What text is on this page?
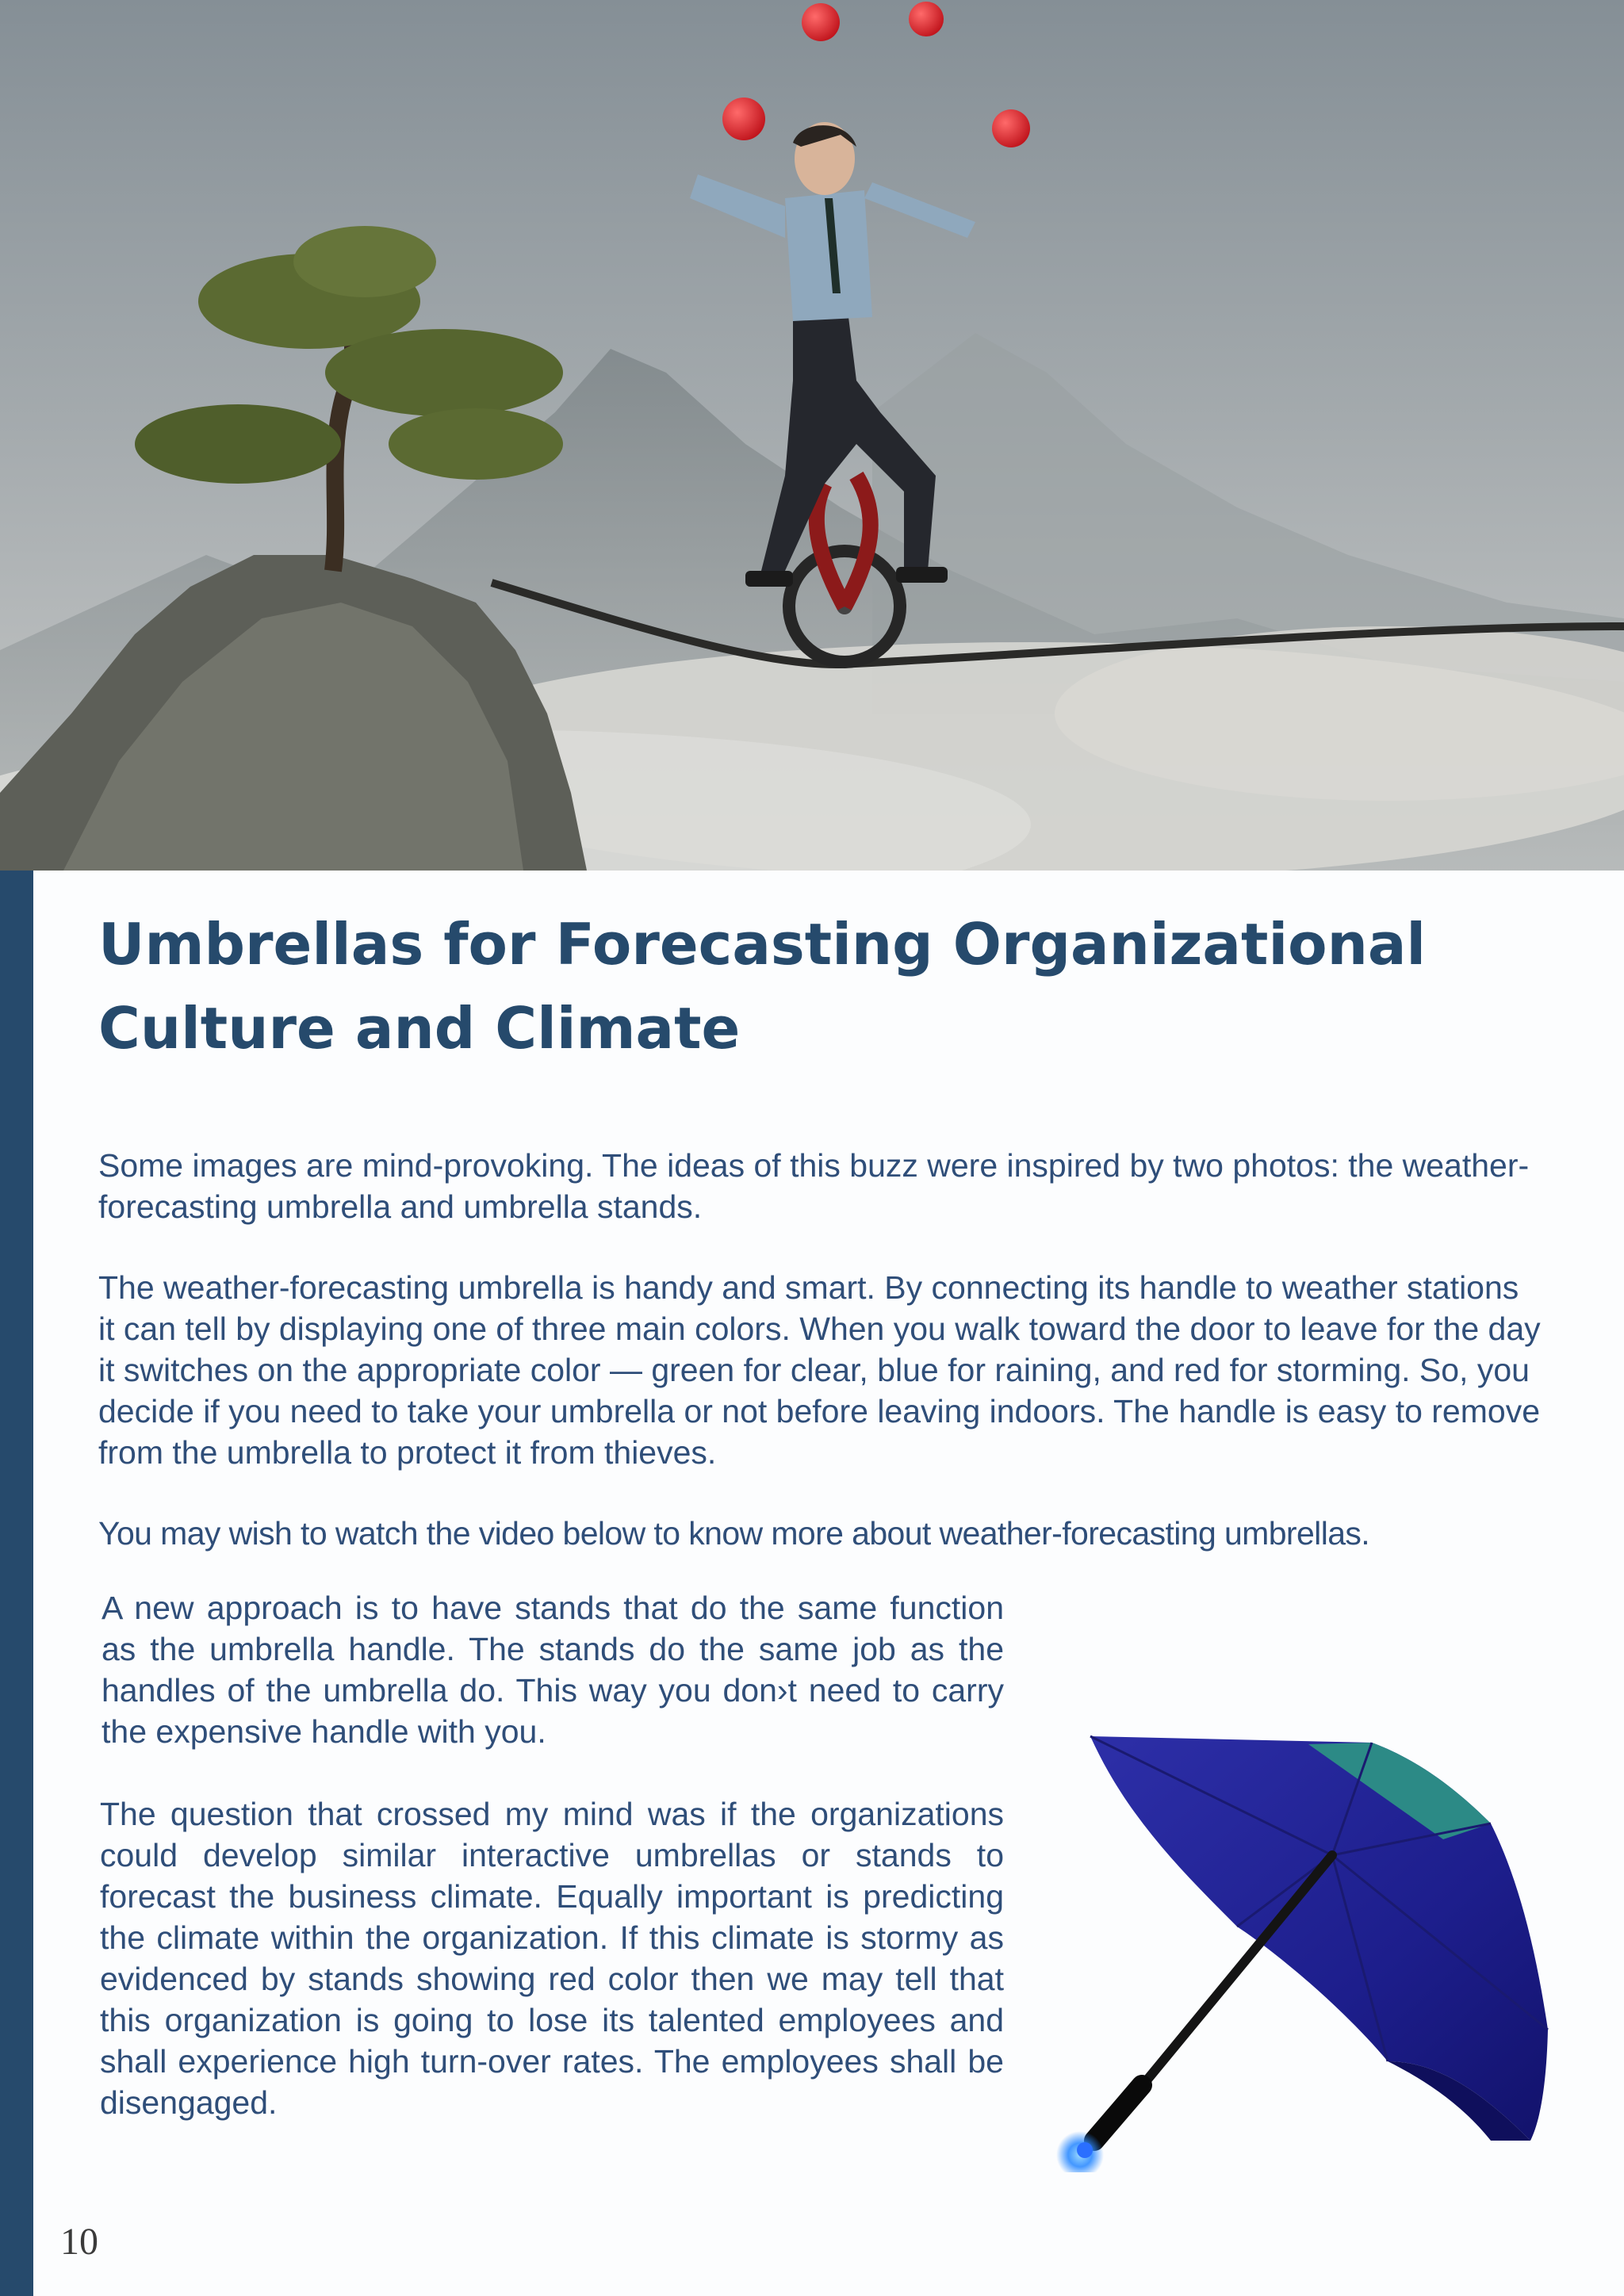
Umbrellas for Forecasting Organizational Culture and Climate

Some images are mind-provoking. The ideas of this buzz were inspired by two photos: the weather-forecasting umbrella and umbrella stands.

The weather-forecasting umbrella is handy and smart. By connecting its handle to weather stations it can tell by displaying one of three main colors. When you walk toward the door to leave for the day it switches on the appropriate color — green for clear, blue for raining, and red for storming. So, you decide if you need to take your umbrella or not before leaving indoors. The handle is easy to remove from the umbrella to protect it from thieves.

You may wish to watch the video below to know more about weather-forecasting umbrellas.

A new approach is to have stands that do the same function as the umbrella handle. The stands do the same job as the handles of the umbrella do. This way you don›t need to carry the expensive handle with you.

The question that crossed my mind was if the organizations could develop similar interactive umbrellas or stands to forecast the business climate. Equally important is predicting the climate within the organization. If this climate is stormy as evidenced by stands showing red color then we may tell that this organization is going to lose its talented employees and shall experience high turn-over rates. The employees shall be disengaged.

10
